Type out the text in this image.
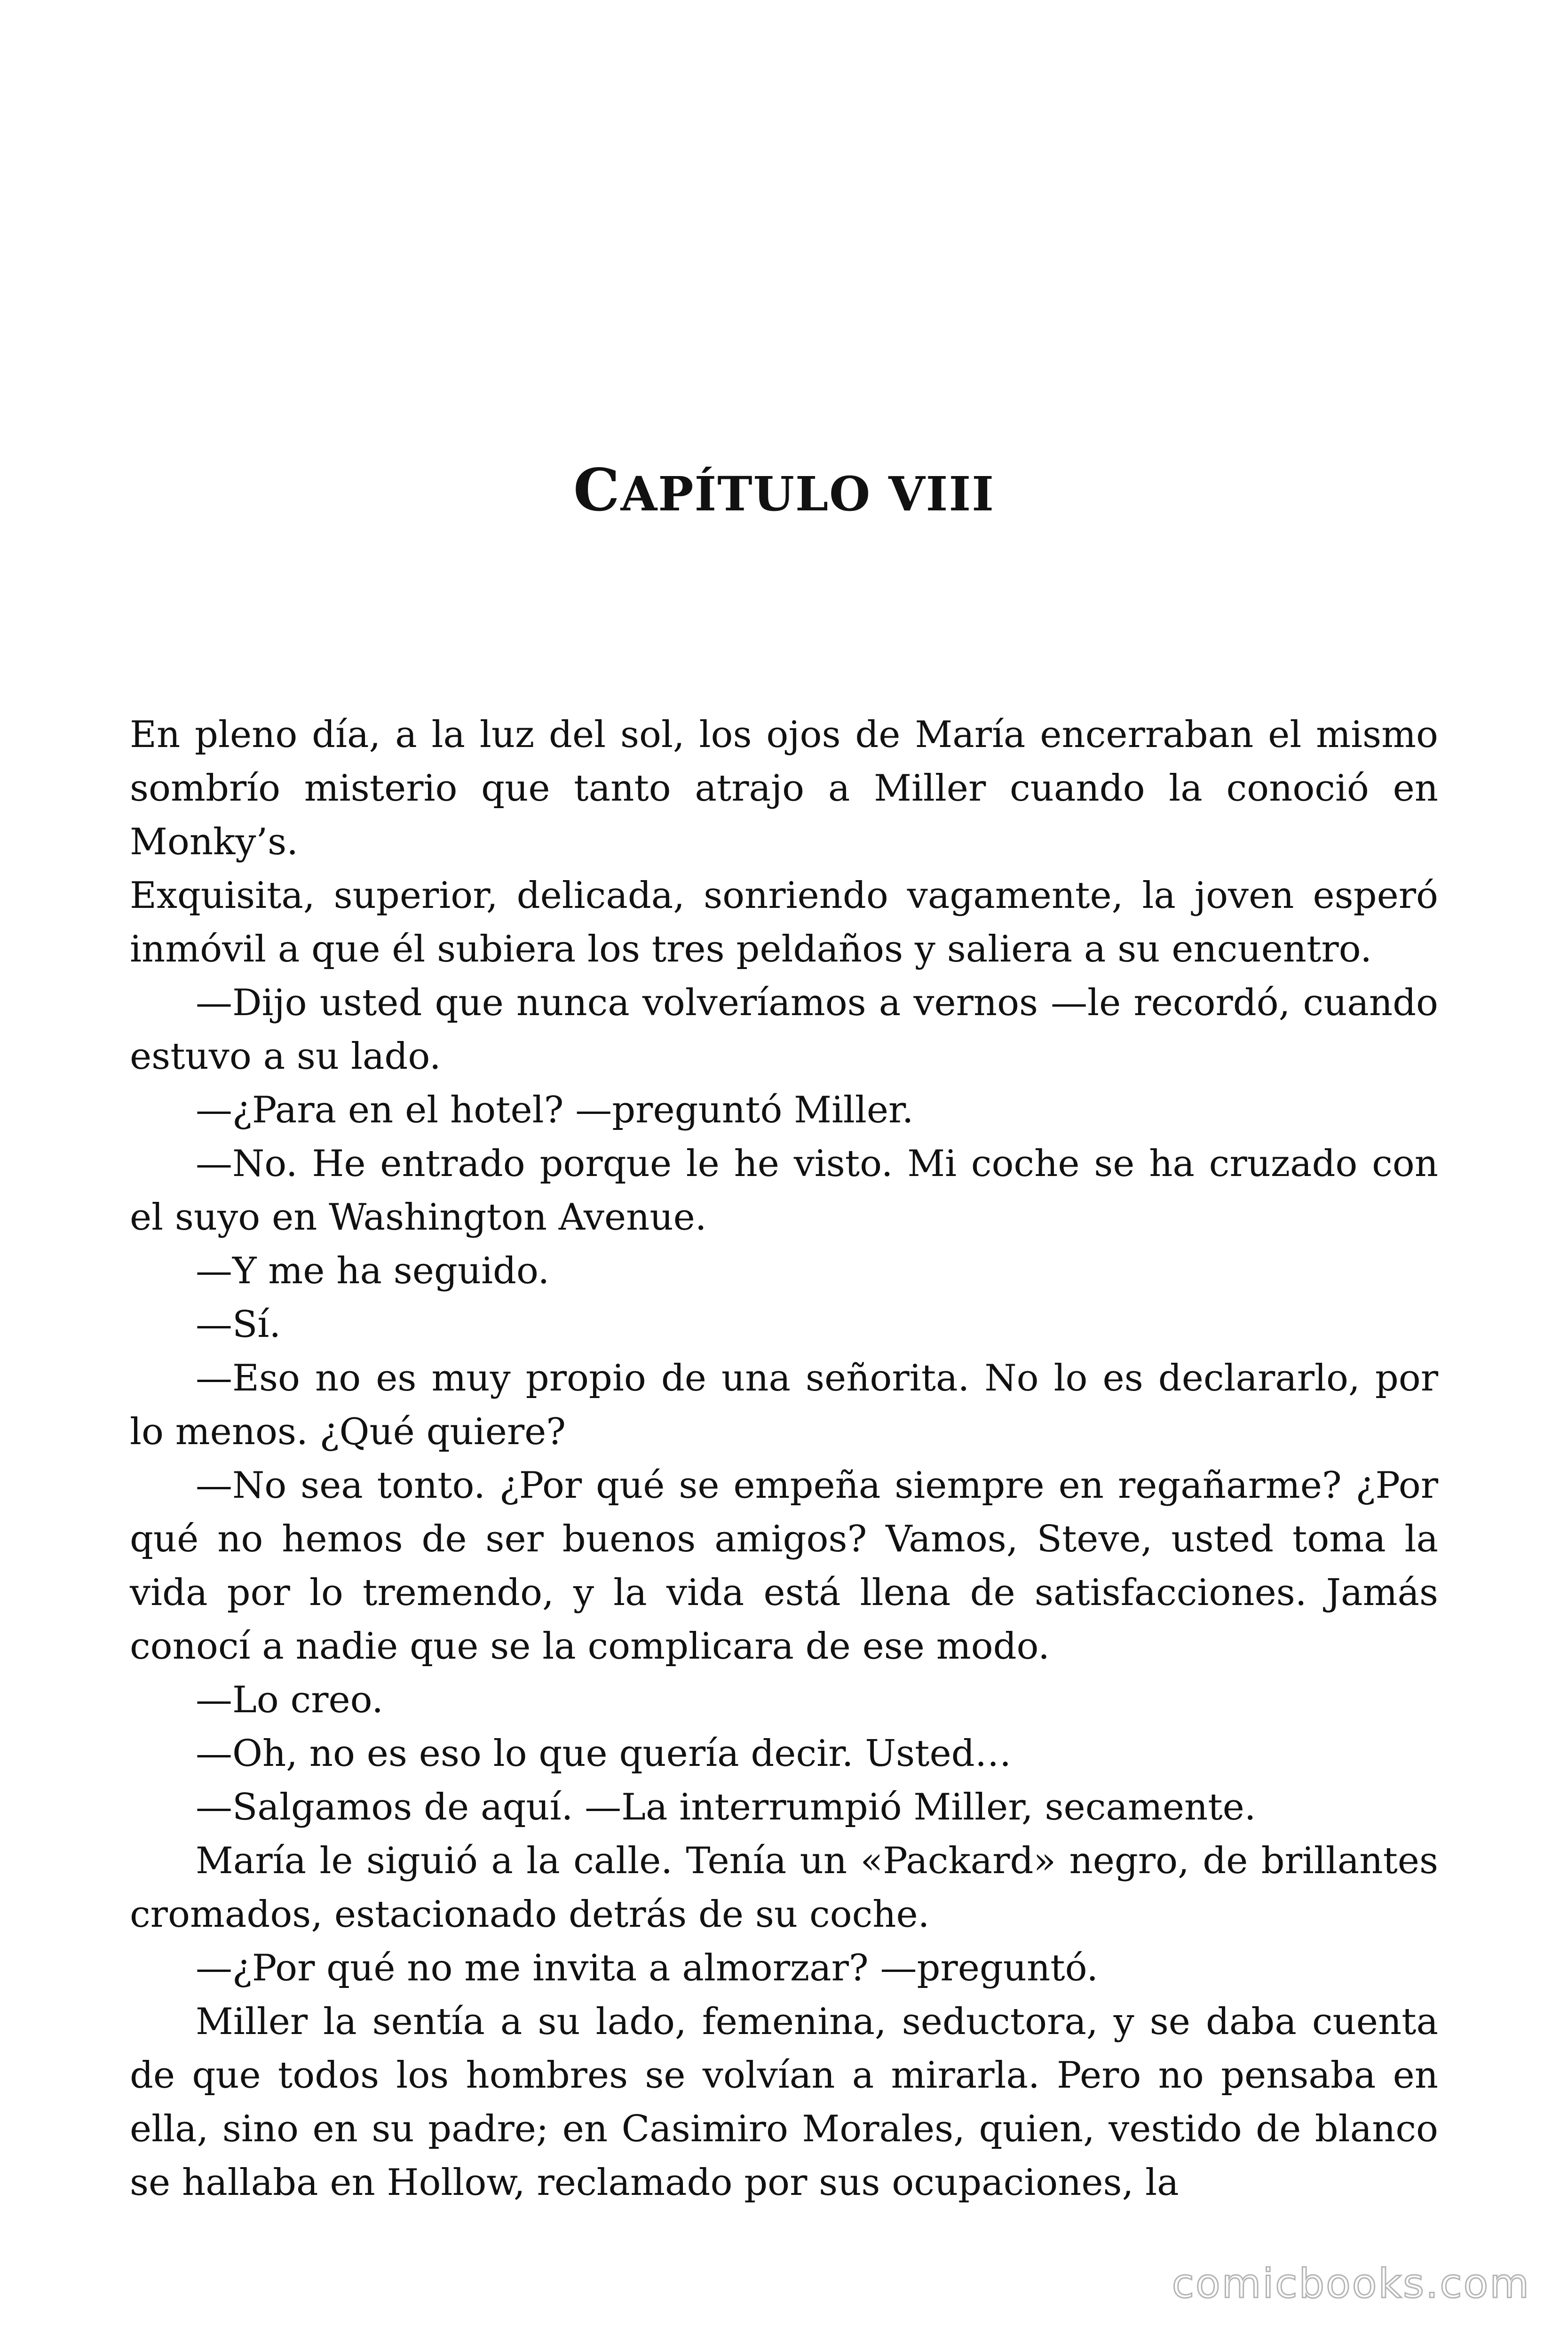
CAPÍTULO VIII

En pleno día, a la luz del sol, los ojos de María encerraban el mismo sombrío misterio que tanto atrajo a Miller cuando la conoció en Monky’s.

Exquisita, superior, delicada, sonriendo vagamente, la joven esperó inmóvil a que él subiera los tres peldaños y saliera a su encuentro.

—Dijo usted que nunca volveríamos a vernos —le recordó, cuando estuvo a su lado.

—¿Para en el hotel? —preguntó Miller.

—No. He entrado porque le he visto. Mi coche se ha cruzado con el suyo en Washington Avenue.

—Y me ha seguido.

—Sí.

—Eso no es muy propio de una señorita. No lo es declararlo, por lo menos. ¿Qué quiere?

—No sea tonto. ¿Por qué se empeña siempre en regañarme? ¿Por qué no hemos de ser buenos amigos? Vamos, Steve, usted toma la vida por lo tremendo, y la vida está llena de satisfacciones. Jamás conocí a nadie que se la complicara de ese modo.

—Lo creo.

—Oh, no es eso lo que quería decir. Usted…

—Salgamos de aquí. —La interrumpió Miller, secamente.

María le siguió a la calle. Tenía un «Packard» negro, de brillantes cromados, estacionado detrás de su coche.

—¿Por qué no me invita a almorzar? —preguntó.

Miller la sentía a su lado, femenina, seductora, y se daba cuenta de que todos los hombres se volvían a mirarla. Pero no pensaba en ella, sino en su padre; en Casimiro Morales, quien, vestido de blanco se hallaba en Hollow, reclamado por sus ocupaciones, la

comicbooks.com
